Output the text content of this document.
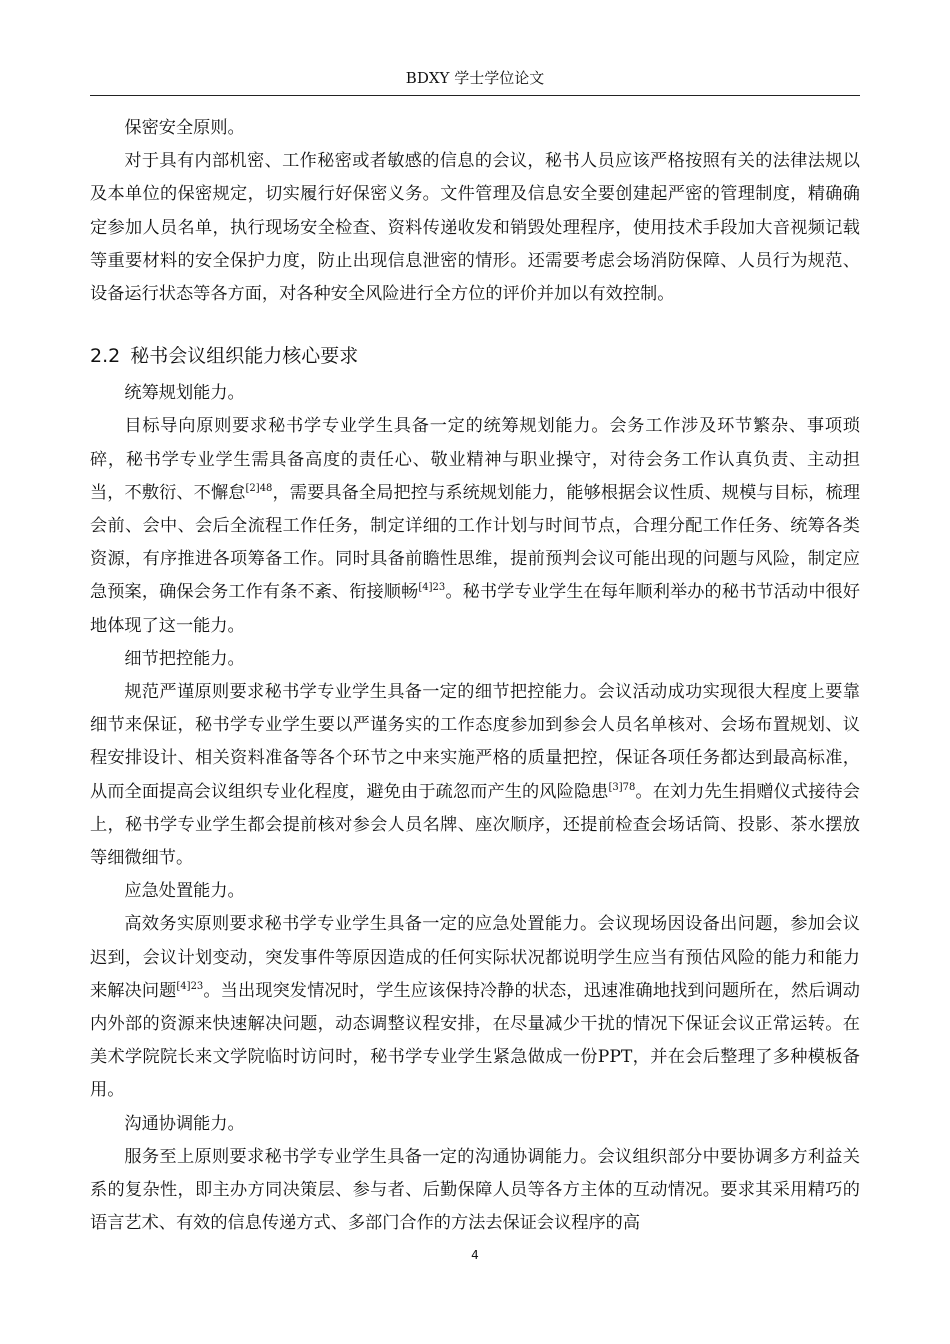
BDXY 学士学位论文

保密安全原则。

对于具有内部机密、工作秘密或者敏感的信息的会议，秘书人员应该严格按照有关的法律法规以及本单位的保密规定，切实履行好保密义务。文件管理及信息安全要创建起严密的管理制度，精确确定参加人员名单，执行现场安全检查、资料传递收发和销毁处理程序，使用技术手段加大音视频记载等重要材料的安全保护力度，防止出现信息泄密的情形。还需要考虑会场消防保障、人员行为规范、设备运行状态等各方面，对各种安全风险进行全方位的评价并加以有效控制。

2.2 秘书会议组织能力核心要求

统筹规划能力。

目标导向原则要求秘书学专业学生具备一定的统筹规划能力。会务工作涉及环节繁杂、事项琐碎，秘书学专业学生需具备高度的责任心、敬业精神与职业操守，对待会务工作认真负责、主动担当，不敷衍、不懈怠$^{[2]48}$，需要具备全局把控与系统规划能力，能够根据会议性质、规模与目标，梳理会前、会中、会后全流程工作任务，制定详细的工作计划与时间节点，合理分配工作任务、统筹各类资源，有序推进各项筹备工作。同时具备前瞻性思维，提前预判会议可能出现的问题与风险，制定应急预案，确保会务工作有条不紊、衔接顺畅$^{[4]23}$。秘书学专业学生在每年顺利举办的秘书节活动中很好地体现了这一能力。

细节把控能力。

规范严谨原则要求秘书学专业学生具备一定的细节把控能力。会议活动成功实现很大程度上要靠细节来保证，秘书学专业学生要以严谨务实的工作态度参加到参会人员名单核对、会场布置规划、议程安排设计、相关资料准备等各个环节之中来实施严格的质量把控，保证各项任务都达到最高标准，从而全面提高会议组织专业化程度，避免由于疏忽而产生的风险隐患$^{[3]78}$。在刘力先生捐赠仪式接待会上，秘书学专业学生都会提前核对参会人员名牌、座次顺序，还提前检查会场话筒、投影、茶水摆放等细微细节。

应急处置能力。

高效务实原则要求秘书学专业学生具备一定的应急处置能力。会议现场因设备出问题，参加会议迟到，会议计划变动，突发事件等原因造成的任何实际状况都说明学生应当有预估风险的能力和能力来解决问题$^{[4]23}$。当出现突发情况时，学生应该保持冷静的状态，迅速准确地找到问题所在，然后调动内外部的资源来快速解决问题，动态调整议程安排，在尽量减少干扰的情况下保证会议正常运转。在美术学院院长来文学院临时访问时，秘书学专业学生紧急做成一份PPT，并在会后整理了多种模板备用。

沟通协调能力。

服务至上原则要求秘书学专业学生具备一定的沟通协调能力。会议组织部分中要协调多方利益关系的复杂性，即主办方同决策层、参与者、后勤保障人员等各方主体的互动情况。要求其采用精巧的语言艺术、有效的信息传递方式、多部门合作的方法去保证会议程序的高

4
